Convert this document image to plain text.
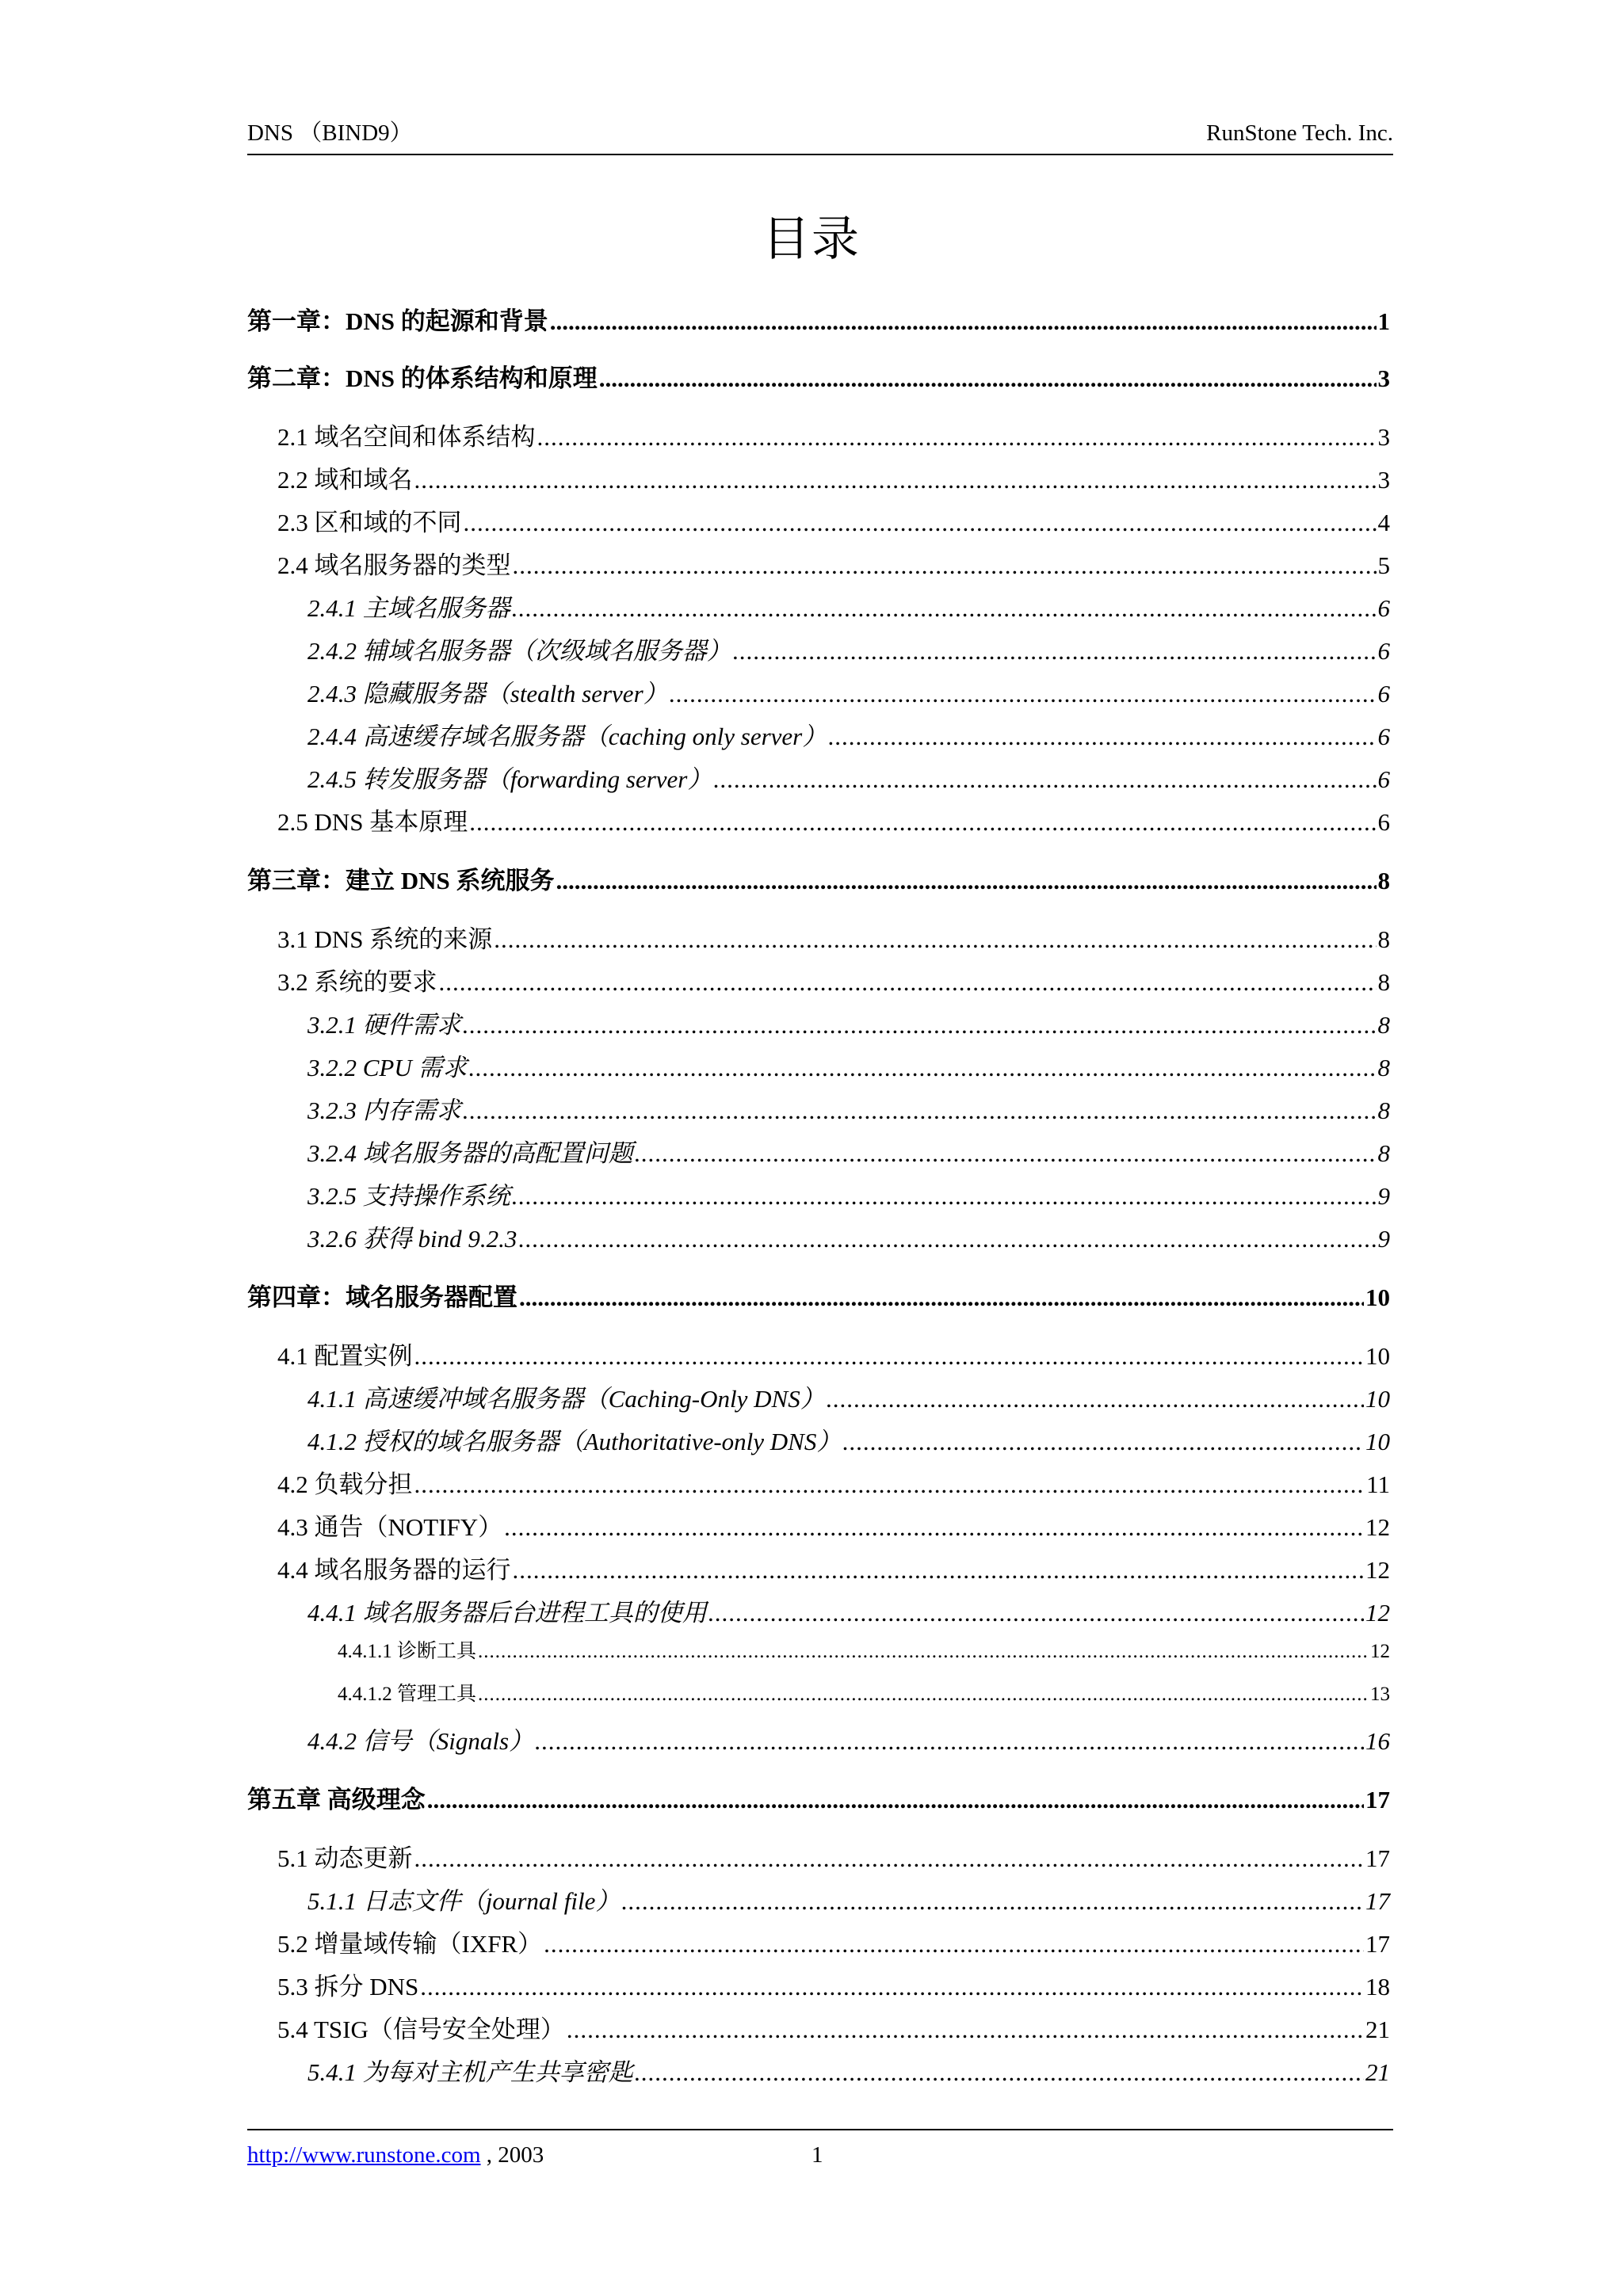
DNS （BIND9）	RunStone Tech. Inc.
目录
第一章：DNS 的起源和背景 .....	1
第二章：DNS 的体系结构和原理 .....	3
2.1 域名空间和体系结构 .....	3
2.2 域和域名 .....	3
2.3 区和域的不同 .....	4
2.4 域名服务器的类型 .....	5
2.4.1 主域名服务器 .....	6
2.4.2 辅域名服务器（次级域名服务器） .....	6
2.4.3 隐藏服务器（stealth server） .....	6
2.4.4 高速缓存域名服务器（caching only server） .....	6
2.4.5 转发服务器（forwarding server） .....	6
2.5 DNS 基本原理 .....	6
第三章：建立 DNS 系统服务 .....	8
3.1 DNS 系统的来源 .....	8
3.2 系统的要求 .....	8
3.2.1 硬件需求 .....	8
3.2.2 CPU 需求 .....	8
3.2.3 内存需求 .....	8
3.2.4 域名服务器的高配置问题 .....	8
3.2.5 支持操作系统 .....	9
3.2.6 获得 bind 9.2.3 .....	9
第四章：域名服务器配置 .....	10
4.1 配置实例 .....	10
4.1.1 高速缓冲域名服务器（Caching-Only DNS） .....	10
4.1.2 授权的域名服务器（Authoritative-only DNS） .....	10
4.2 负载分担 .....	11
4.3 通告（NOTIFY） .....	12
4.4 域名服务器的运行 .....	12
4.4.1 域名服务器后台进程工具的使用 .....	12
4.4.1.1 诊断工具 .....	12
4.4.1.2 管理工具 .....	13
4.4.2 信号（Signals） .....	16
第五章 高级理念 .....	17
5.1 动态更新 .....	17
5.1.1 日志文件（journal file） .....	17
5.2 增量域传输（IXFR） .....	17
5.3 拆分 DNS .....	18
5.4 TSIG（信号安全处理） .....	21
5.4.1 为每对主机产生共享密匙 .....	21
http://www.runstone.com , 2003	1
